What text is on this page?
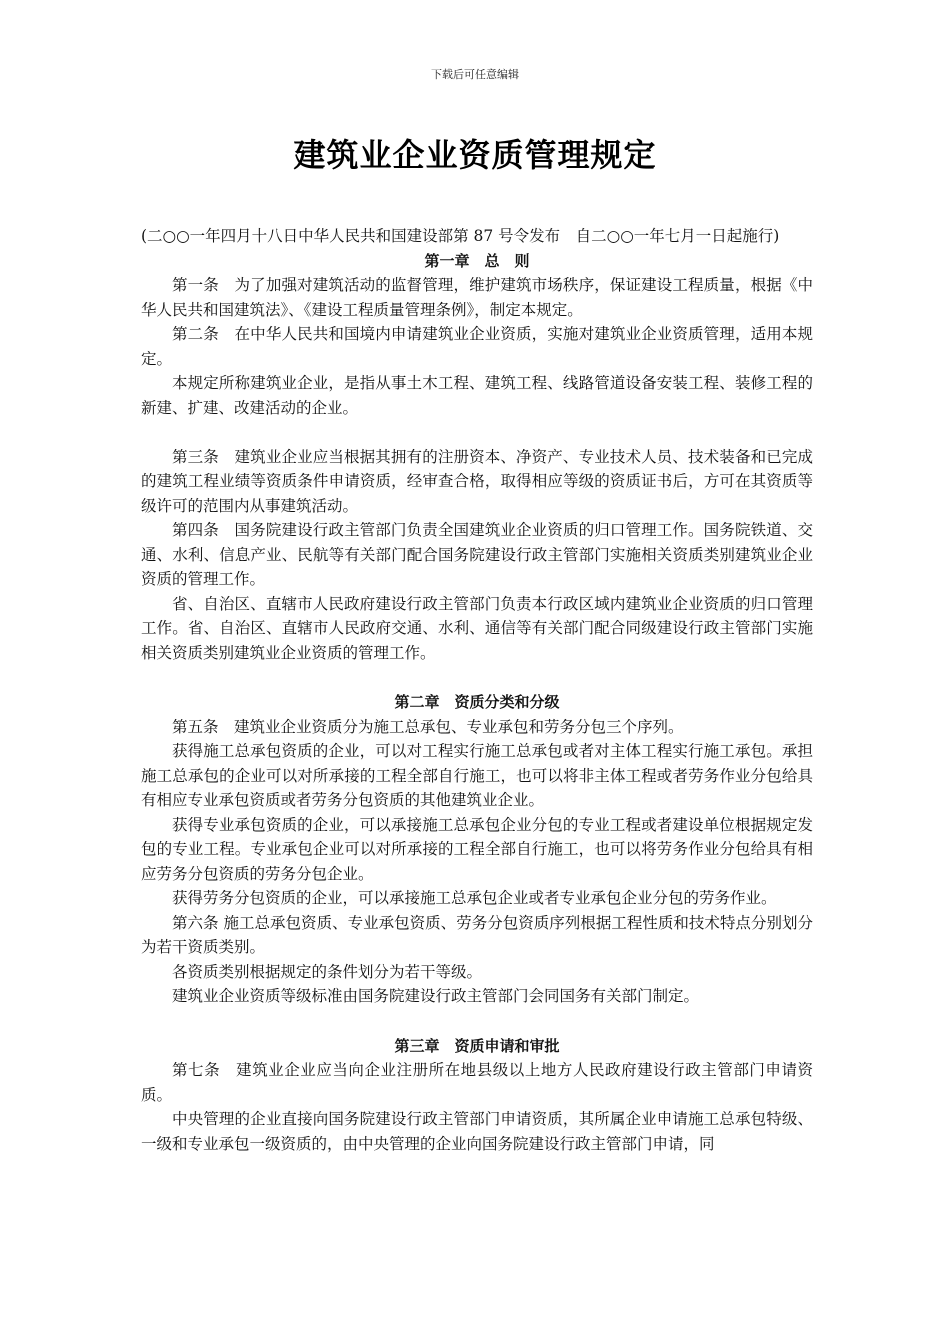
下载后可任意编辑
建筑业企业资质管理规定

(二○○一年四月十八日中华人民共和国建设部第 87 号令发布　自二○○一年七月一日起施行)

第一章　总　则

第一条　为了加强对建筑活动的监督管理，维护建筑市场秩序，保证建设工程质量，根据《中华人民共和国建筑法》、《建设工程质量管理条例》，制定本规定。

第二条　在中华人民共和国境内申请建筑业企业资质，实施对建筑业企业资质管理，适用本规定。

本规定所称建筑业企业，是指从事土木工程、建筑工程、线路管道设备安装工程、装修工程的新建、扩建、改建活动的企业。

第三条　建筑业企业应当根据其拥有的注册资本、净资产、专业技术人员、技术装备和已完成的建筑工程业绩等资质条件申请资质，经审查合格，取得相应等级的资质证书后，方可在其资质等级许可的范围内从事建筑活动。

第四条　国务院建设行政主管部门负责全国建筑业企业资质的归口管理工作。国务院铁道、交通、水利、信息产业、民航等有关部门配合国务院建设行政主管部门实施相关资质类别建筑业企业资质的管理工作。

省、自治区、直辖市人民政府建设行政主管部门负责本行政区域内建筑业企业资质的归口管理工作。省、自治区、直辖市人民政府交通、水利、通信等有关部门配合同级建设行政主管部门实施相关资质类别建筑业企业资质的管理工作。

第二章　资质分类和分级

第五条　建筑业企业资质分为施工总承包、专业承包和劳务分包三个序列。

获得施工总承包资质的企业，可以对工程实行施工总承包或者对主体工程实行施工承包。承担施工总承包的企业可以对所承接的工程全部自行施工，也可以将非主体工程或者劳务作业分包给具有相应专业承包资质或者劳务分包资质的其他建筑业企业。

获得专业承包资质的企业，可以承接施工总承包企业分包的专业工程或者建设单位根据规定发包的专业工程。专业承包企业可以对所承接的工程全部自行施工，也可以将劳务作业分包给具有相应劳务分包资质的劳务分包企业。

获得劳务分包资质的企业，可以承接施工总承包企业或者专业承包企业分包的劳务作业。

第六条 施工总承包资质、专业承包资质、劳务分包资质序列根据工程性质和技术特点分别划分为若干资质类别。

各资质类别根据规定的条件划分为若干等级。

建筑业企业资质等级标准由国务院建设行政主管部门会同国务有关部门制定。

第三章　资质申请和审批

第七条　建筑业企业应当向企业注册所在地县级以上地方人民政府建设行政主管部门申请资质。

中央管理的企业直接向国务院建设行政主管部门申请资质，其所属企业申请施工总承包特级、一级和专业承包一级资质的，由中央管理的企业向国务院建设行政主管部门申请，同
